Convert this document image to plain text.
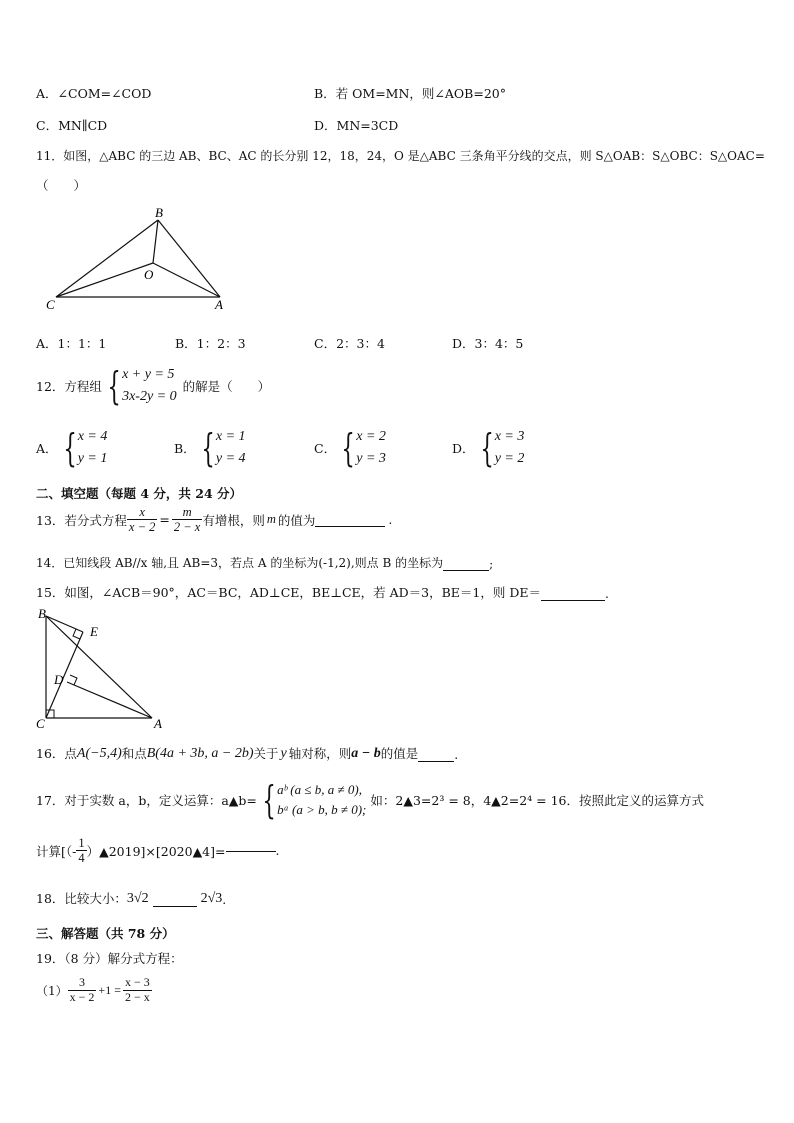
A．∠COM=∠COD	B．若 OM=MN，则∠AOB=20°
C．MN∥CD	D．MN=3CD
11．如图，△ABC 的三边 AB、BC、AC 的长分别 12，18，24，O 是△ABC 三条角平分线的交点，则 S△OAB：S△OBC：S△OAC=
（　　）
B
O
C	A
A．1：1：1	B．1：2：3	C．2：3：4	D．3：4：5
12．方程组 { x + y = 5
3x-2y = 0
的解是（　　）
A． { x = 4
y = 1
B． { x = 1
y = 4
C． { x = 2
y = 3
D． { x = 3
y = 2
二、填空题（每题 4 分，共 24 分）
13．若分式方程 $\frac{x}{x - 2} = \frac{m}{2 - x}$ 有增根，则 m 的值为	.
14．已知线段 AB//x 轴,且 AB=3，若点 A 的坐标为(-1,2),则点 B 的坐标为	;
15．如图，∠ACB＝90°，AC＝BC，AD⊥CE，BE⊥CE，若 AD＝3，BE＝1，则 DE＝	.
B
E
D
C	A
16．点 A(−5,4) 和点 B(4a + 3b, a − 2b) 关于 y 轴对称，则 a − b 的值是	.
17．对于实数 a，b，定义运算：a▲b= { aᵇ (a ≤ b, a ≠ 0),
bᵃ (a > b, b ≠ 0);
如：2▲3=2³ = 8，4▲2=2⁴ = 16．按照此定义的运算方式
计算[（- $\frac{1}{4}$ ）▲2019]×[2020▲4]=	.
18．比较大小： 3√2	2√3 .
三、解答题（共 78 分）
19．（8 分）解分式方程：
$(1) \frac{3}{x - 2} +1 = \frac{x - 3}{2 - x}$
